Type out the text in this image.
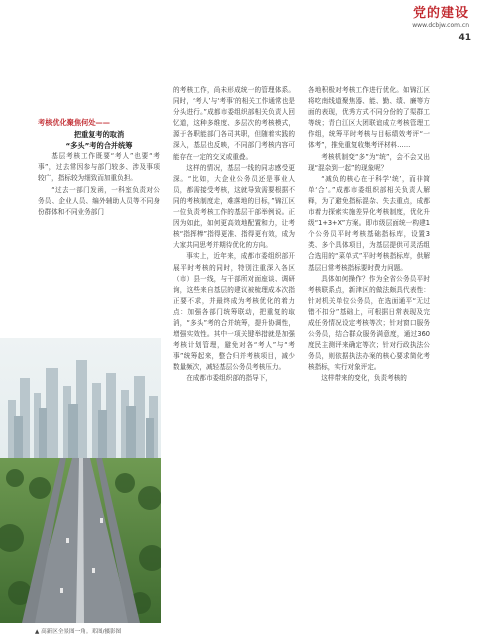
党的建设
www.dcbjw.com.cn
41
考核优化聚焦何处——

把重复考的取消

“多头”考的合并统筹

基层考核工作既要“考人”也要“考事”，过去常因参与部门较多、涉及事项较广，指标较为细致而加重负担。

“过去一部门发函，一科室负责对公务员、企业人员、编外辅助人员等不同身份群体和不同业务部门

的考核工作，尚未形成统一的管理体系。同时，‘考人’与‘考事’的相关工作通常也是分头进行。”成都市委组织部相关负责人回忆道，这种多维度、多层次的考核模式，源于各职能部门各司其职，但随着实践的深入，基层也反映，不同部门考核内容可能存在一定的交叉或重叠。

这样的情况，基层一线的同志感受更深。“比如，大企业公务员还是事业人员，都需接受考核，这就导致需要根据不同的考核制度走，难落地的目标，”锦江区一位负责考核工作的基层干部举例说。正因为如此，如何更高效地配置和力，让考核“指挥棒”指得更准、指得更有效，成为大家共同思考并期待优化的方向。

事实上，近年来，成都市委组织部开展平时考核的同时，特别注重深入各区（市）县一线，与干部所对面座谈、调研询，这些来自基层的建议被梳理成本次指正要不求，并最终成为考核优化的着力点：加强各部门统筹联动，把重复的取消，“多头”考的合并统筹，提升协调性，增强实效性。其中一项关键举措就是加强考核计划管理，避免对各“考人”与“考事”统筹起来，整合归并考核项目，减少数量频次，减轻基层公务员考核压力。

在成都市委组织部的指导下，

各地积极对考核工作进行优化。如锦江区将吃南线道聚焦器、能、勤、绩、廉等方面的表现，优秀方式不同分份的了渠群工等统；青白江区大团联谊成立考核管理工作组，统筹平时考核与目标绩效考评“一体考”，推免重复收集考评材料……

考核机制变“多”为“统”，会不会又出现“混杂到一起”的现象呢？

“减负的核心在于科学‘统’，而非简单‘合’。”成都市委组织部相关负责人解释，为了避免指标混杂、失去重点，成都市着力探索实施差异化考核制度，优化升级“1+3+X”方案。即市级层面统一构建1个公务员平时考核基础指标库，设置3类、多个具体项目，为基层提供可灵活组合选用的“菜单式”平时考核指标库，供解基层日常考核指标要时费力问题。

具体如何操作？作为全省公务员平时考核联系点，新津区的做法颇具代表性：针对机关单位公务员，在选面通平“无过错不扣分”基础上，可根据日常表现及完成任务情况设定考核等次；针对窗口服务公务员，结合群众服务满意度，通过360度民主测评来确定等次；针对行政执法公务员，则依据执法办案的核心要求简化考核指标，实行对象评定。

这样带来的变化，负责考核的

▲ 高新区全景图一角。邓图/摄影图
